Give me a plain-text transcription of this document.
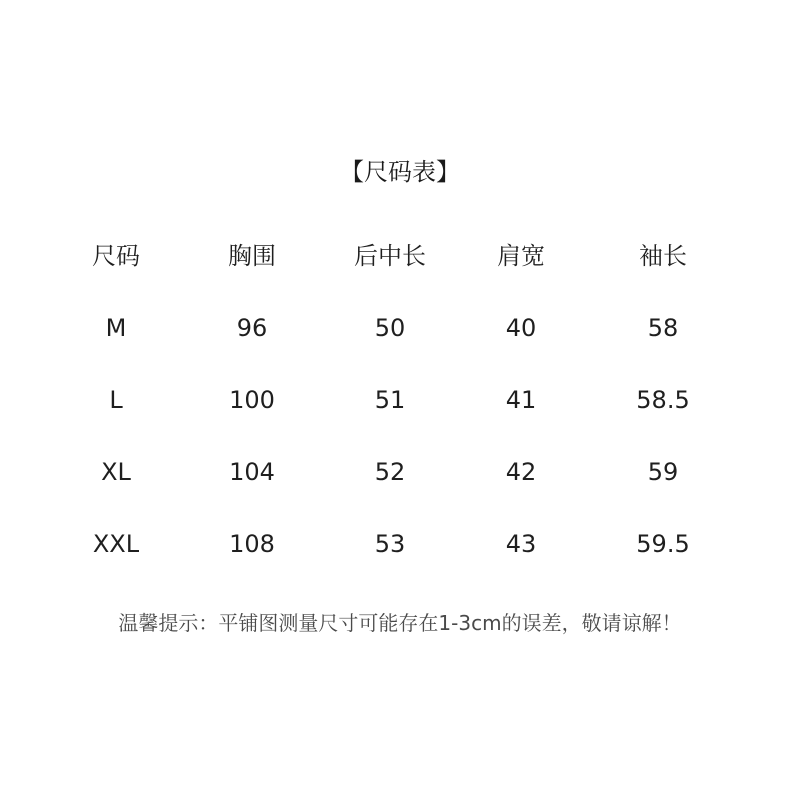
【尺码表】
尺码	胸围	后中长	肩宽	袖长
M	96	50	40	58
L	100	51	41	58.5
XL	104	52	42	59
XXL	108	53	43	59.5
温馨提示：平铺图测量尺寸可能存在1-3cm的误差，敬请谅解！
